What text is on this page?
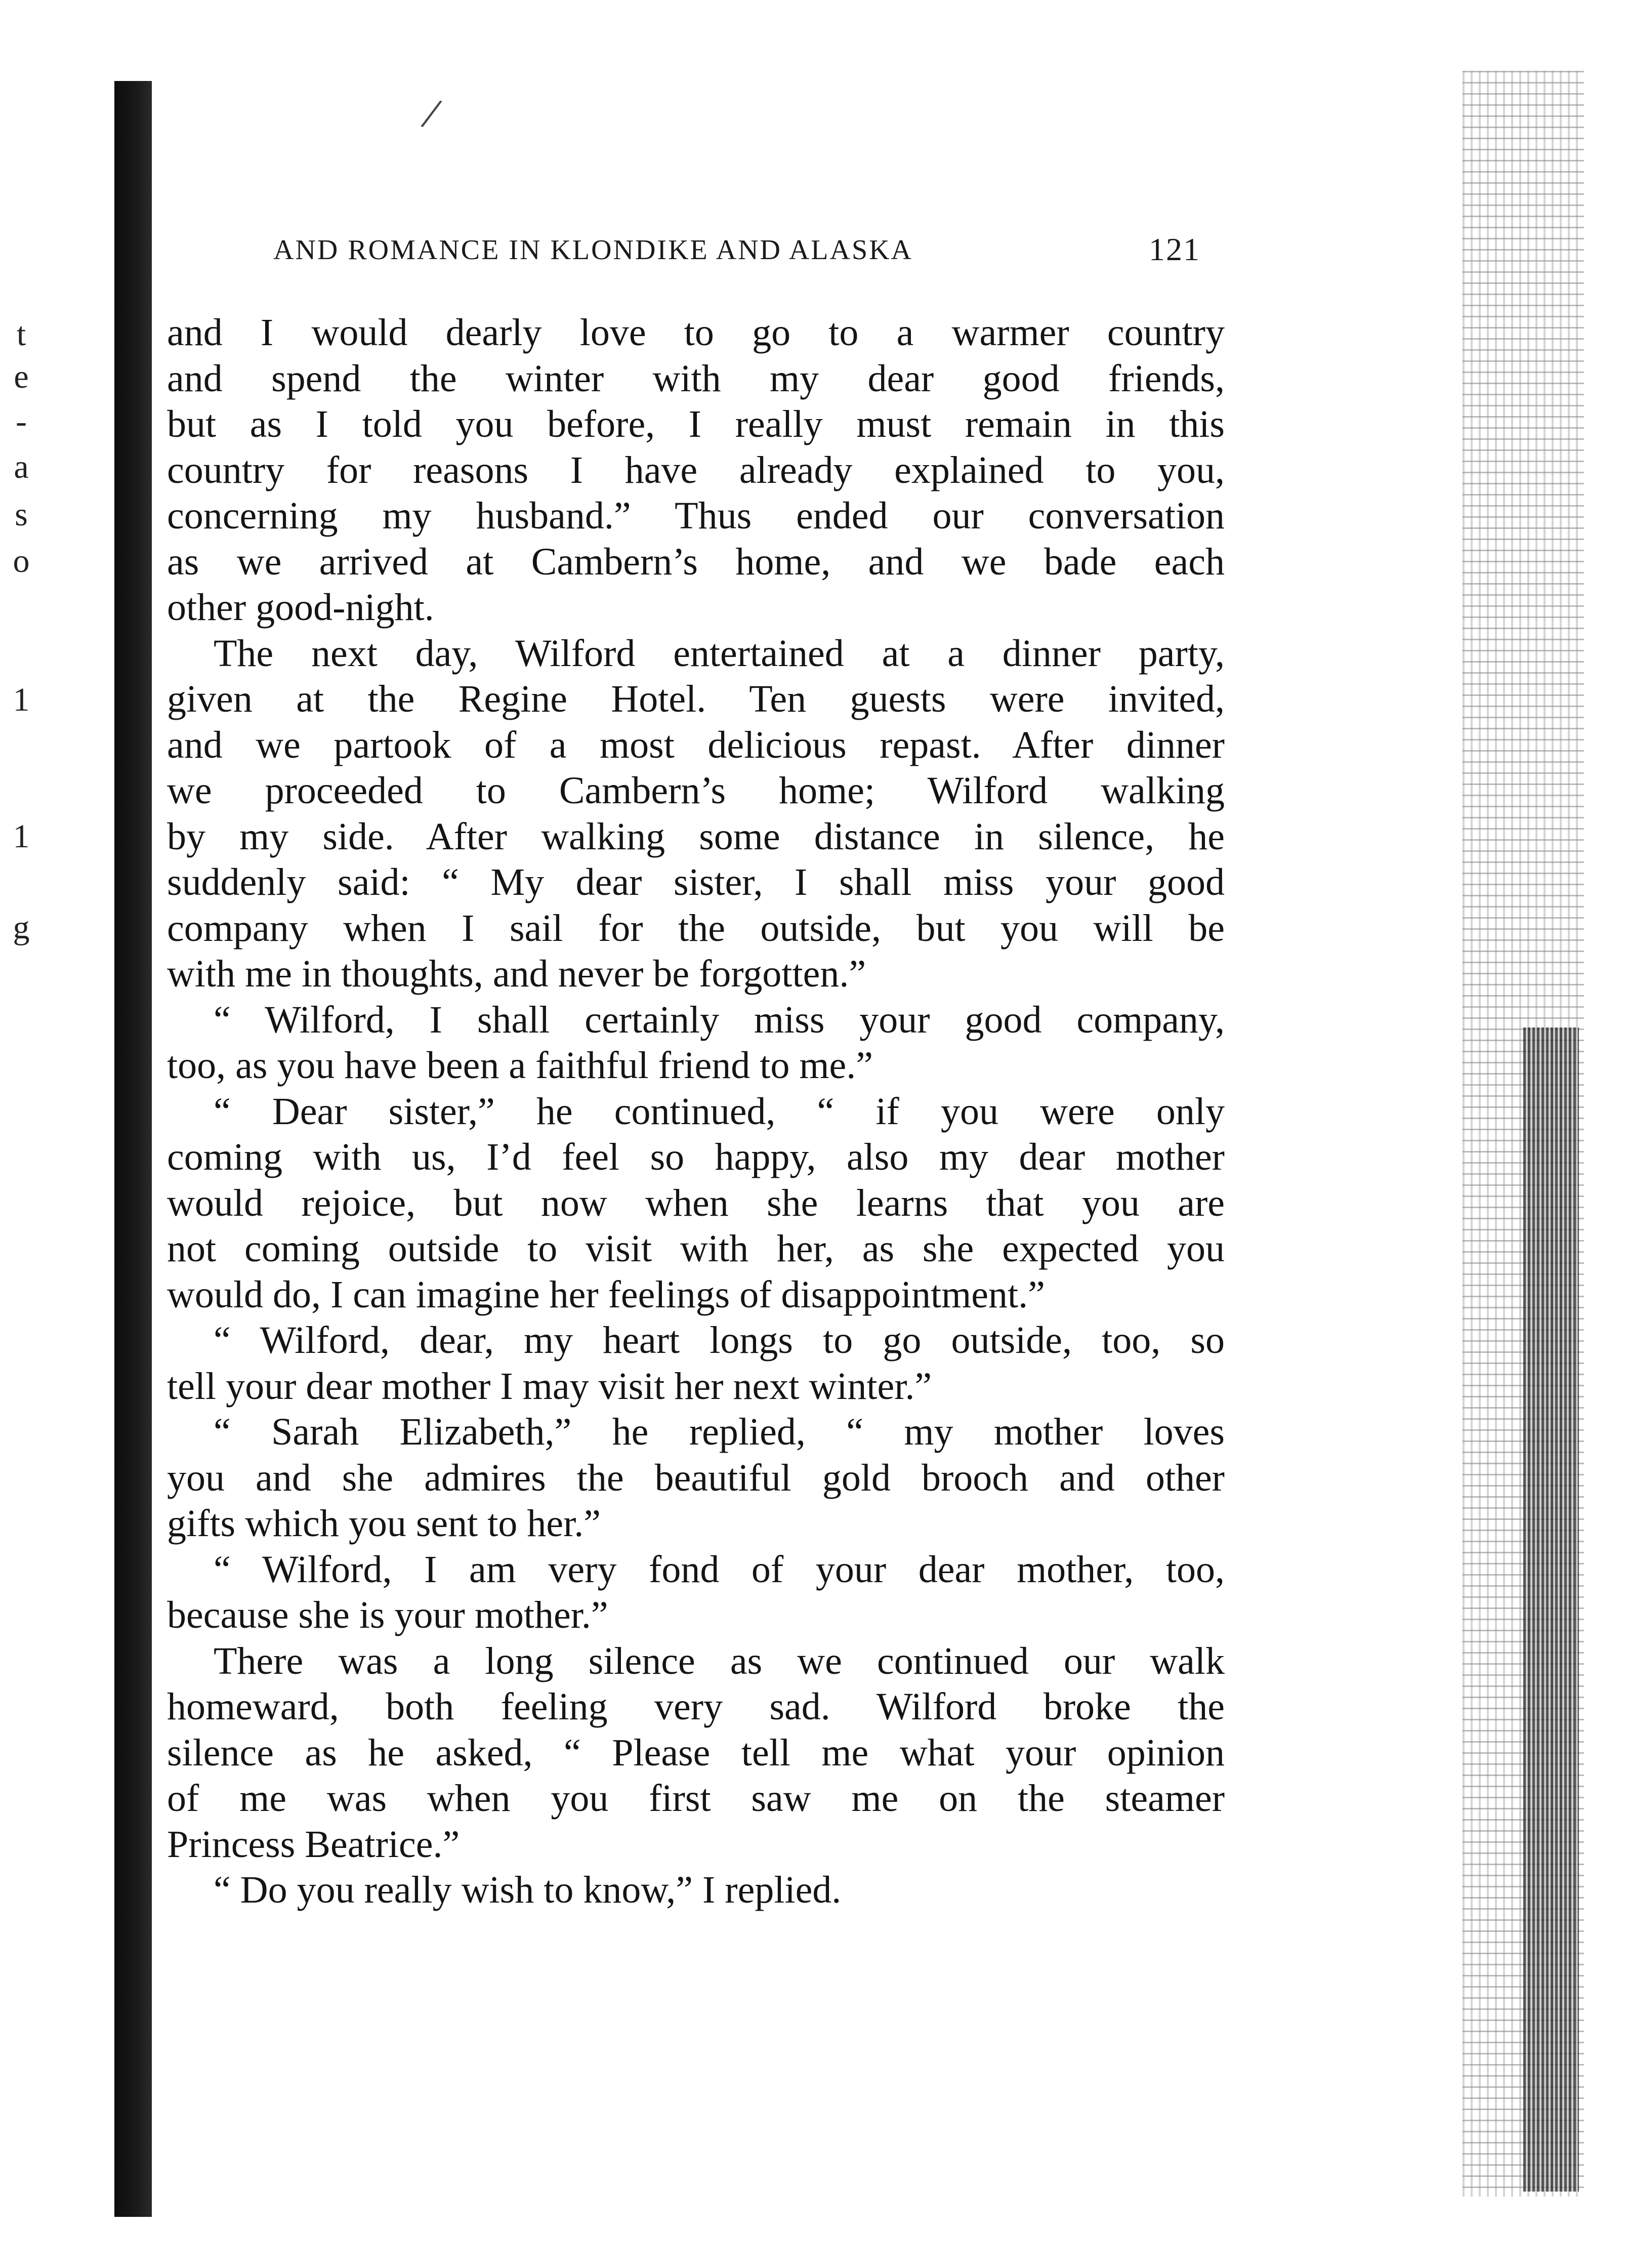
t
e
-
a
s
o
1
1
g
/
AND ROMANCE IN KLONDIKE AND ALASKA	121
and I would dearly love to go to a warmer country
and spend the winter with my dear good friends,
but as I told you before, I really must remain in this
country for reasons I have already explained to you,
concerning my husband.” Thus ended our conversation
as we arrived at Cambern’s home, and we bade each
other good-night.
The next day, Wilford entertained at a dinner party,
given at the Regine Hotel. Ten guests were invited,
and we partook of a most delicious repast. After dinner
we proceeded to Cambern’s home; Wilford walking
by my side. After walking some distance in silence, he
suddenly said: “ My dear sister, I shall miss your good
company when I sail for the outside, but you will be
with me in thoughts, and never be forgotten.”
“ Wilford, I shall certainly miss your good company,
too, as you have been a faithful friend to me.”
“ Dear sister,” he continued, “ if you were only
coming with us, I’d feel so happy, also my dear mother
would rejoice, but now when she learns that you are
not coming outside to visit with her, as she expected you
would do, I can imagine her feelings of disappointment.”
“ Wilford, dear, my heart longs to go outside, too, so
tell your dear mother I may visit her next winter.”
“ Sarah Elizabeth,” he replied, “ my mother loves
you and she admires the beautiful gold brooch and other
gifts which you sent to her.”
“ Wilford, I am very fond of your dear mother, too,
because she is your mother.”
There was a long silence as we continued our walk
homeward, both feeling very sad. Wilford broke the
silence as he asked, “ Please tell me what your opinion
of me was when you first saw me on the steamer
Princess Beatrice.”
“ Do you really wish to know,” I replied.
